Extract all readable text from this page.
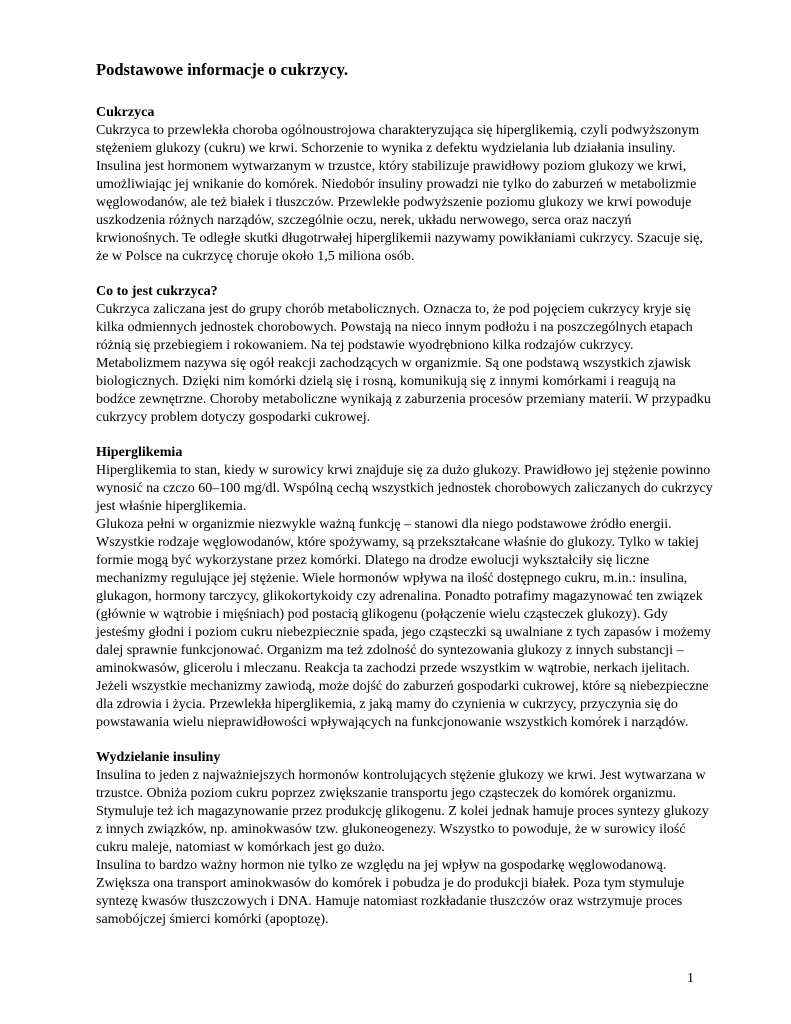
Podstawowe informacje o cukrzycy.
Cukrzyca

Cukrzyca to przewlekła choroba ogólnoustrojowa charakteryzująca się hiperglikemią, czyli podwyższonym stężeniem glukozy (cukru) we krwi. Schorzenie to wynika z defektu wydzielania lub działania insuliny. Insulina jest hormonem wytwarzanym w trzustce, który stabilizuje prawidłowy poziom glukozy we krwi, umożliwiając jej wnikanie do komórek. Niedobór insuliny prowadzi nie tylko do zaburzeń w metabolizmie węglowodanów, ale też białek i tłuszczów. Przewlekłe podwyższenie poziomu glukozy we krwi powoduje uszkodzenia różnych narządów, szczególnie oczu, nerek, układu nerwowego, serca oraz naczyń krwionośnych. Te odległe skutki długotrwałej hiperglikemii nazywamy powikłaniami cukrzycy. Szacuje się, że w Polsce na cukrzycę choruje około 1,5 miliona osób.

Co to jest cukrzyca?

Cukrzyca zaliczana jest do grupy chorób metabolicznych. Oznacza to, że pod pojęciem cukrzycy kryje się kilka odmiennych jednostek chorobowych. Powstają na nieco innym podłożu i na poszczególnych etapach różnią się przebiegiem i rokowaniem. Na tej podstawie wyodrębniono kilka rodzajów cukrzycy.

Metabolizmem nazywa się ogół reakcji zachodzących w organizmie. Są one podstawą wszystkich zjawisk biologicznych. Dzięki nim komórki dzielą się i rosną, komunikują się z innymi komórkami i reagują na bodźce zewnętrzne. Choroby metaboliczne wynikają z zaburzenia procesów przemiany materii. W przypadku cukrzycy problem dotyczy gospodarki cukrowej.

Hiperglikemia

Hiperglikemia to stan, kiedy w surowicy krwi znajduje się za dużo glukozy. Prawidłowo jej stężenie powinno wynosić na czczo 60–100 mg/dl. Wspólną cechą wszystkich jednostek chorobowych zaliczanych do cukrzycy jest właśnie hiperglikemia.

Glukoza pełni w organizmie niezwykle ważną funkcję – stanowi dla niego podstawowe źródło energii. Wszystkie rodzaje węglowodanów, które spożywamy, są przekształcane właśnie do glukozy. Tylko w takiej formie mogą być wykorzystane przez komórki. Dlatego na drodze ewolucji wykształciły się liczne mechanizmy regulujące jej stężenie. Wiele hormonów wpływa na ilość dostępnego cukru, m.in.: insulina, glukagon, hormony tarczycy, glikokortykoidy czy adrenalina. Ponadto potrafimy magazynować ten związek (głównie w wątrobie i mięśniach) pod postacią glikogenu (połączenie wielu cząsteczek glukozy). Gdy jesteśmy głodni i poziom cukru niebezpiecznie spada, jego cząsteczki są uwalniane z tych zapasów i możemy dalej sprawnie funkcjonować. Organizm ma też zdolność do syntezowania glukozy z innych substancji – aminokwasów, glicerolu i mleczanu. Reakcja ta zachodzi przede wszystkim w wątrobie, nerkach ijelitach.

Jeżeli wszystkie mechanizmy zawiodą, może dojść do zaburzeń gospodarki cukrowej, które są niebezpieczne dla zdrowia i życia. Przewlekła hiperglikemia, z jaką mamy do czynienia w cukrzycy, przyczynia się do powstawania wielu nieprawidłowości wpływających na funkcjonowanie wszystkich komórek i narządów.

Wydzielanie insuliny

Insulina to jeden z najważniejszych hormonów kontrolujących stężenie glukozy we krwi. Jest wytwarzana w trzustce. Obniża poziom cukru poprzez zwiększanie transportu jego cząsteczek do komórek organizmu. Stymuluje też ich magazynowanie przez produkcję glikogenu. Z kolei jednak hamuje proces syntezy glukozy z innych związków, np. aminokwasów tzw. glukoneogenezy. Wszystko to powoduje, że w surowicy ilość cukru maleje, natomiast w komórkach jest go dużo.

Insulina to bardzo ważny hormon nie tylko ze względu na jej wpływ na gospodarkę węglowodanową. Zwiększa ona transport aminokwasów do komórek i pobudza je do produkcji białek. Poza tym stymuluje syntezę kwasów tłuszczowych i DNA. Hamuje natomiast rozkładanie tłuszczów oraz wstrzymuje proces samobójczej śmierci komórki (apoptozę).

1
